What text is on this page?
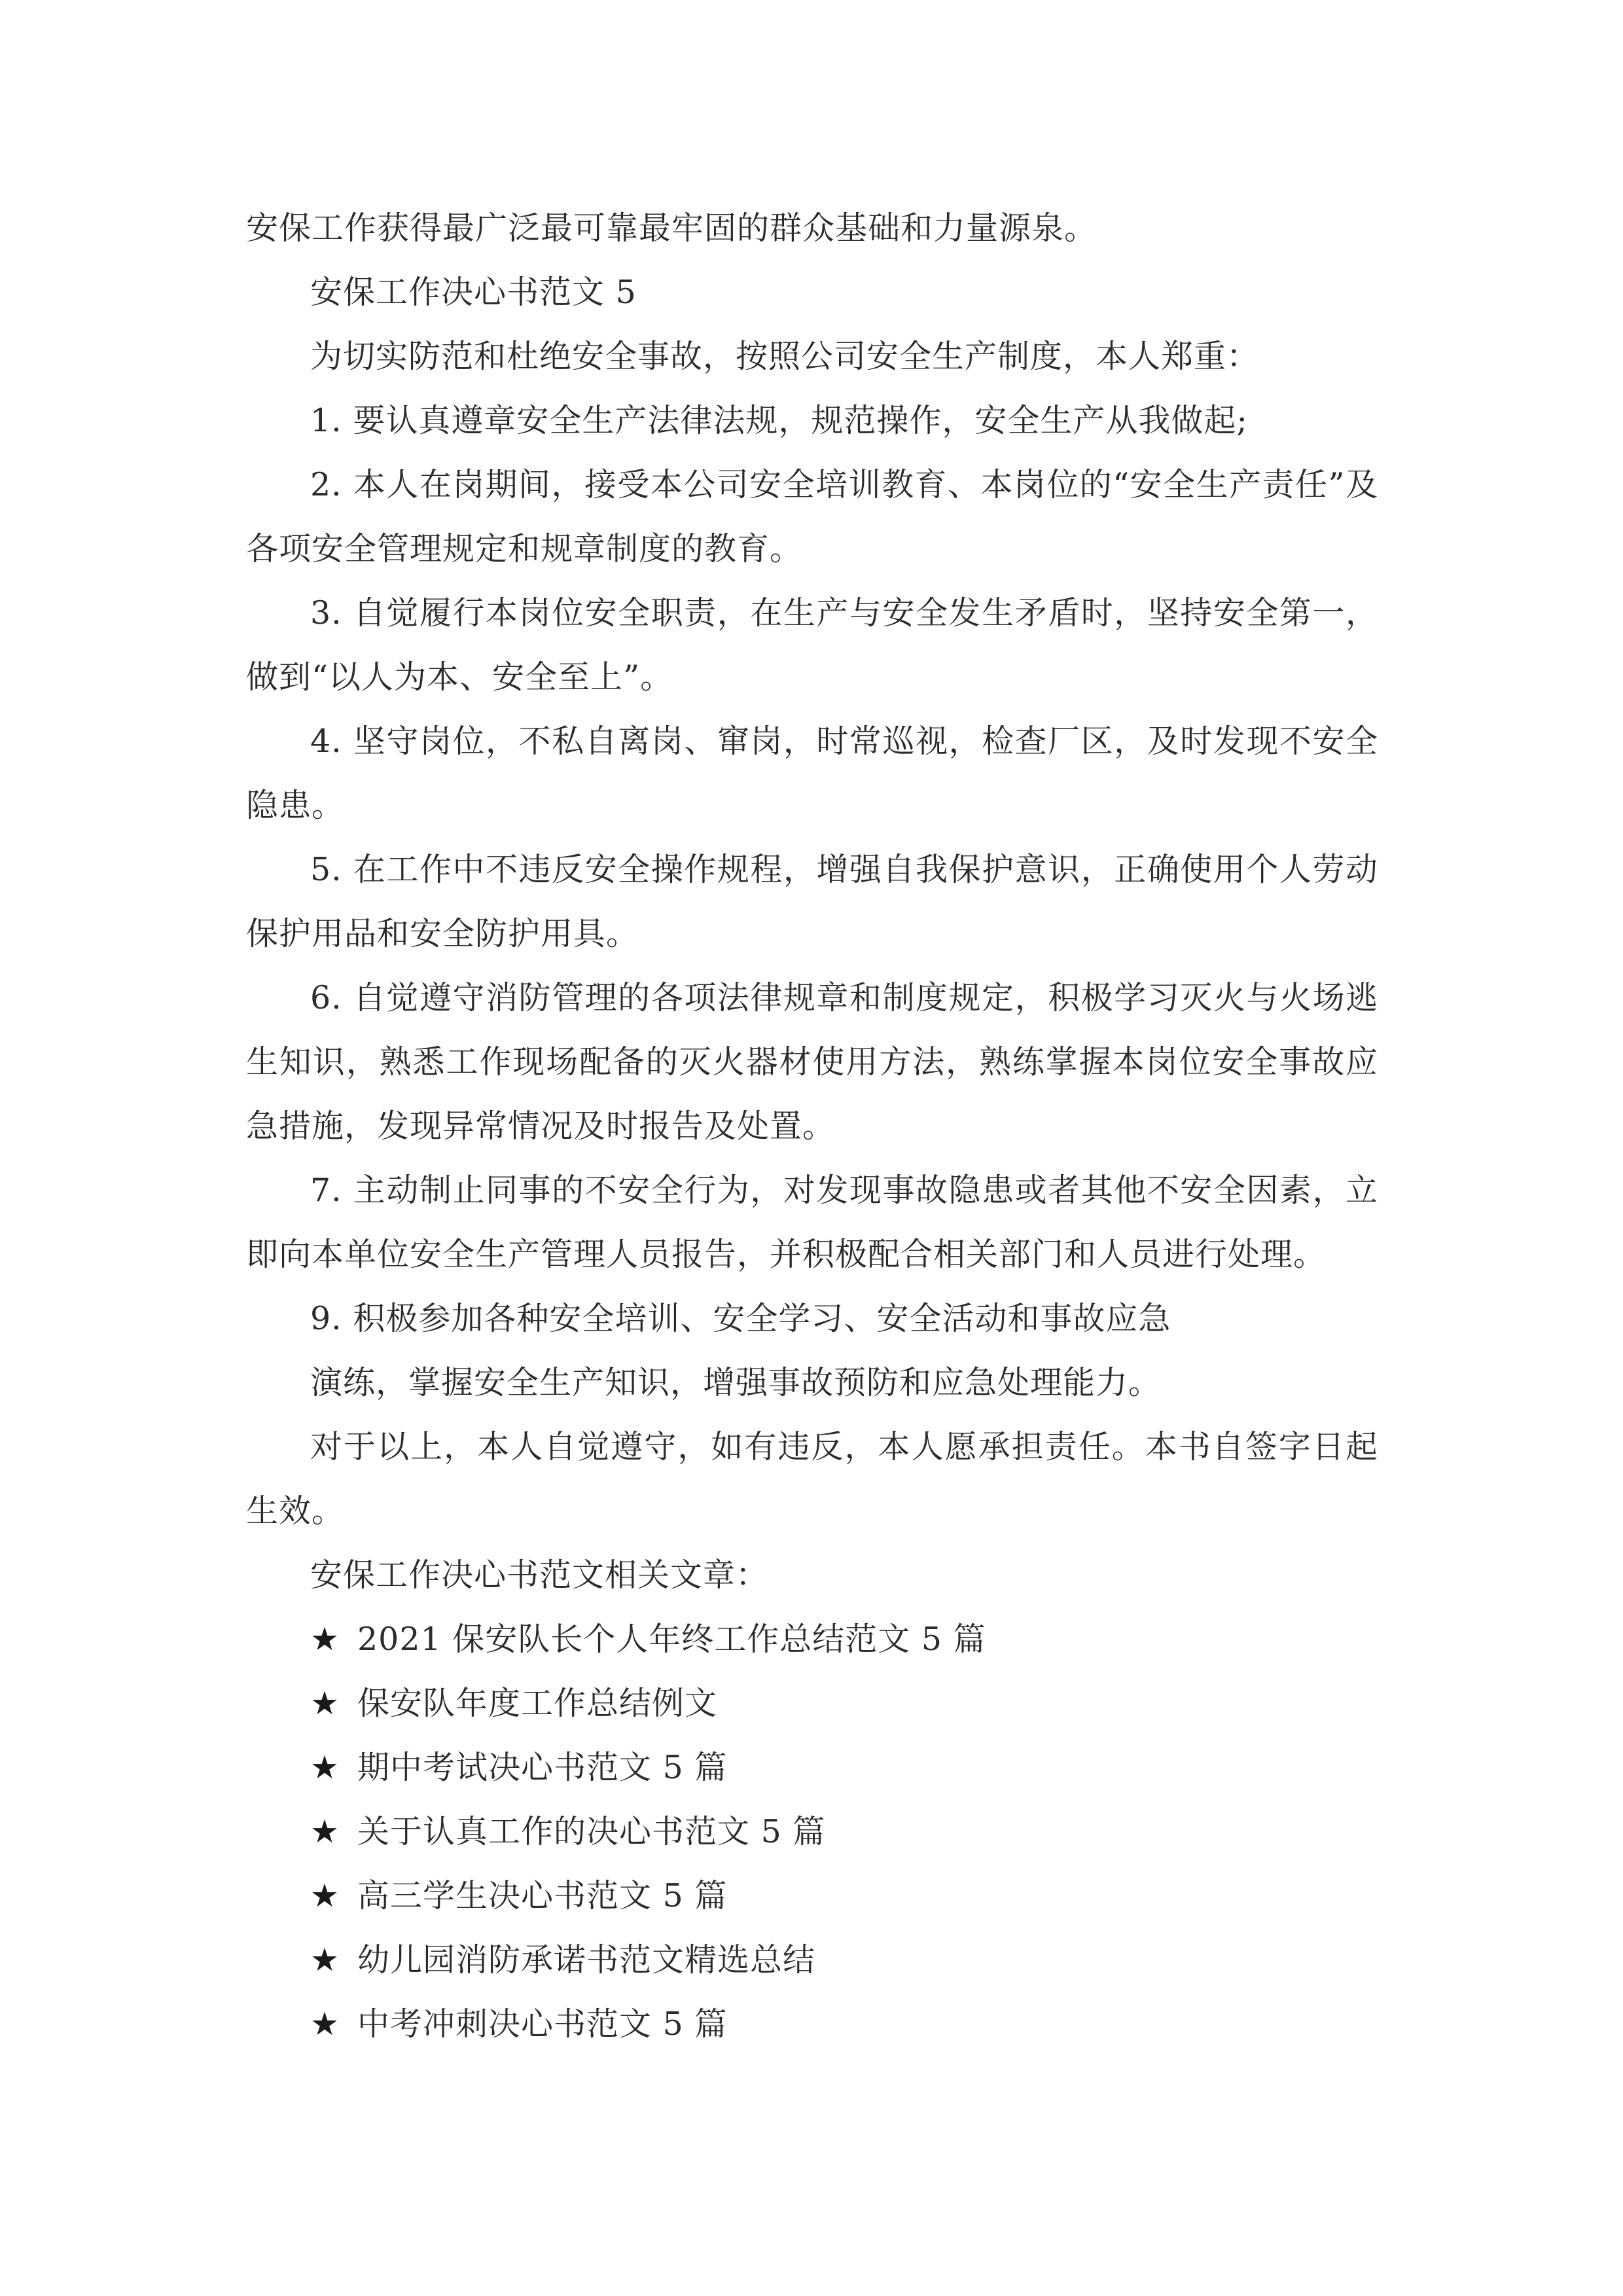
安保工作获得最广泛最可靠最牢固的群众基础和力量源泉。

安保工作决心书范文 5

为切实防范和杜绝安全事故，按照公司安全生产制度，本人郑重：

1. 要认真遵章安全生产法律法规，规范操作，安全生产从我做起;

2. 本人在岗期间，接受本公司安全培训教育、本岗位的“安全生产责任”及各项安全管理规定和规章制度的教育。

3. 自觉履行本岗位安全职责，在生产与安全发生矛盾时，坚持安全第一，做到“以人为本、安全至上”。

4. 坚守岗位，不私自离岗、窜岗，时常巡视，检查厂区，及时发现不安全隐患。

5. 在工作中不违反安全操作规程，增强自我保护意识，正确使用个人劳动保护用品和安全防护用具。

6. 自觉遵守消防管理的各项法律规章和制度规定，积极学习灭火与火场逃生知识，熟悉工作现场配备的灭火器材使用方法，熟练掌握本岗位安全事故应急措施，发现异常情况及时报告及处置。

7. 主动制止同事的不安全行为，对发现事故隐患或者其他不安全因素，立即向本单位安全生产管理人员报告，并积极配合相关部门和人员进行处理。

9. 积极参加各种安全培训、安全学习、安全活动和事故应急

演练，掌握安全生产知识，增强事故预防和应急处理能力。

对于以上，本人自觉遵守，如有违反，本人愿承担责任。本书自签字日起生效。

安保工作决心书范文相关文章：

★ 2021 保安队长个人年终工作总结范文 5 篇
★ 保安队年度工作总结例文
★ 期中考试决心书范文 5 篇
★ 关于认真工作的决心书范文 5 篇
★ 高三学生决心书范文 5 篇
★ 幼儿园消防承诺书范文精选总结
★ 中考冲刺决心书范文 5 篇
